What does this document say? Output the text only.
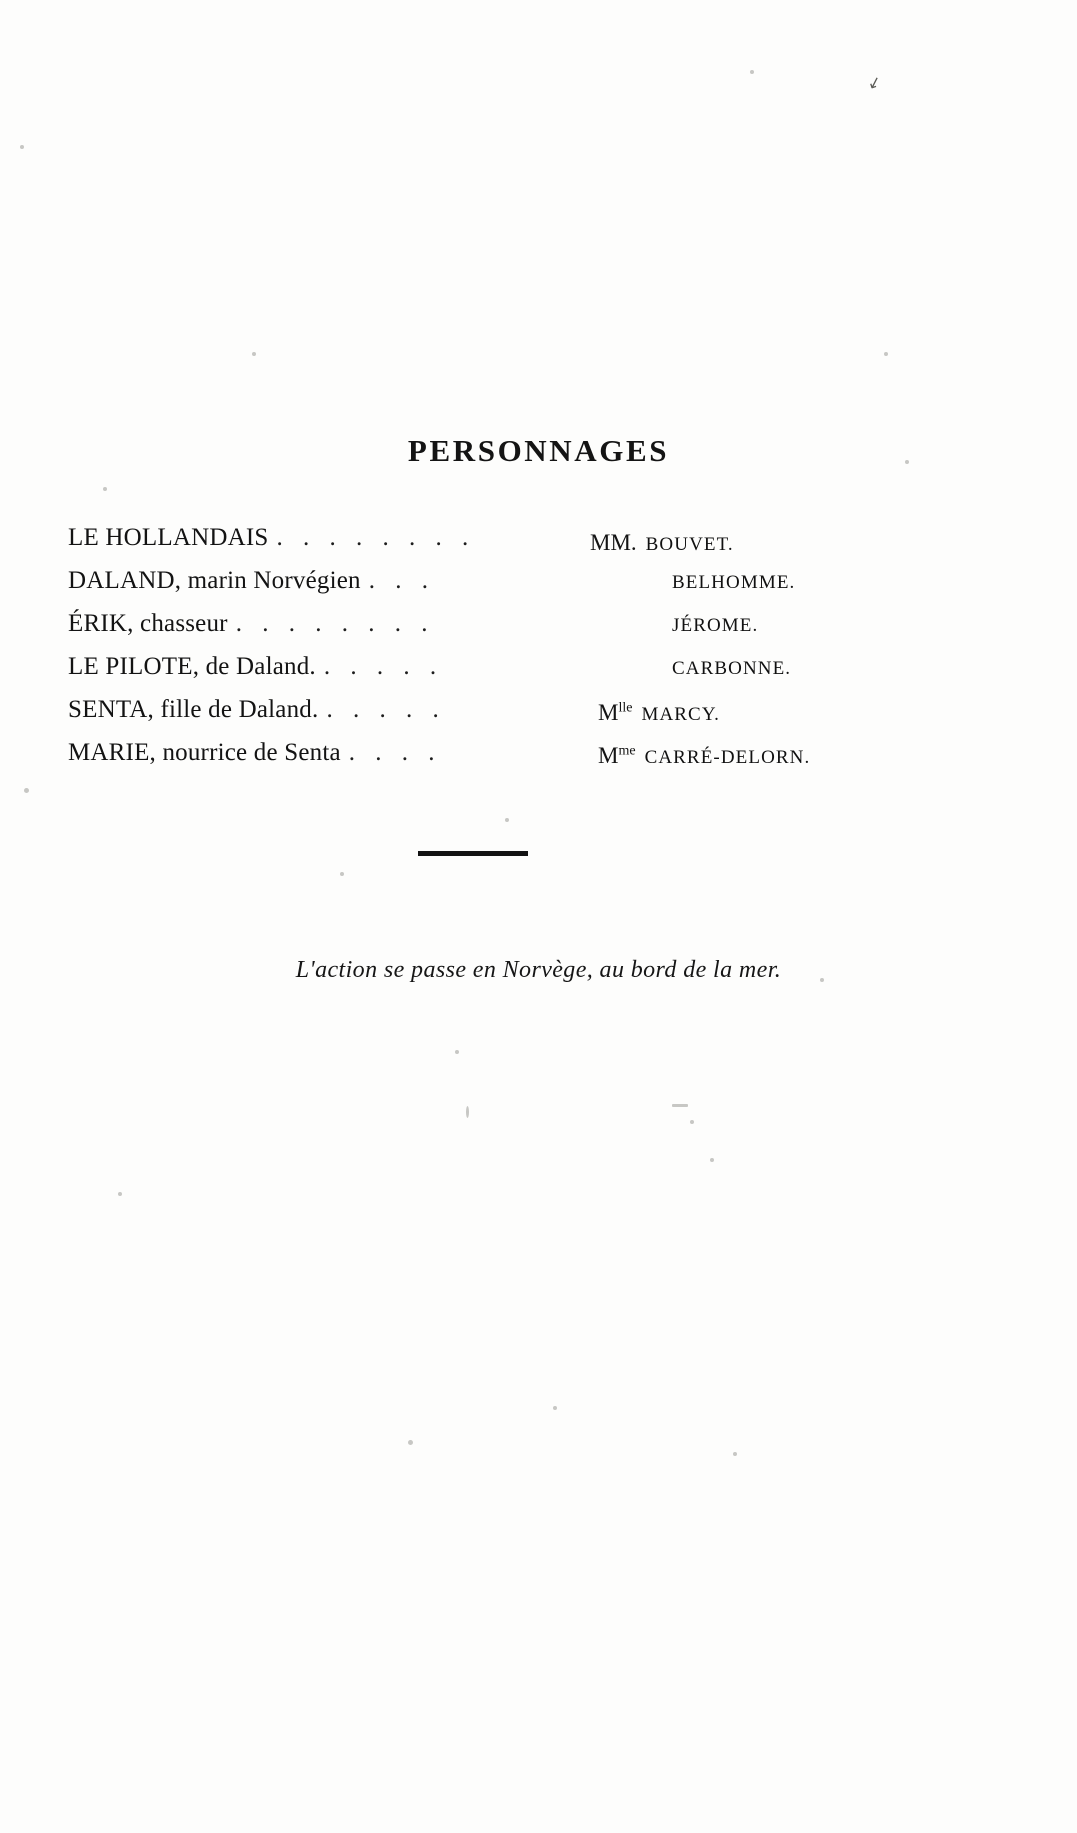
↙
PERSONNAGES
LE HOLLANDAIS . . . . . . . .
DALAND, marin Norvégien . . .
ÉRIK, chasseur . . . . . . . .
LE PILOTE, de Daland. . . . . .
SENTA, fille de Daland. . . . . .
MARIE, nourrice de Senta . . . .
MM. BOUVET.
BELHOMME.
JÉROME.
CARBONNE.
$M^{lle}$ MARCY.
$M^{me}$ CARRÉ-DELORN.

L'action se passe en Norvège, au bord de la mer.
